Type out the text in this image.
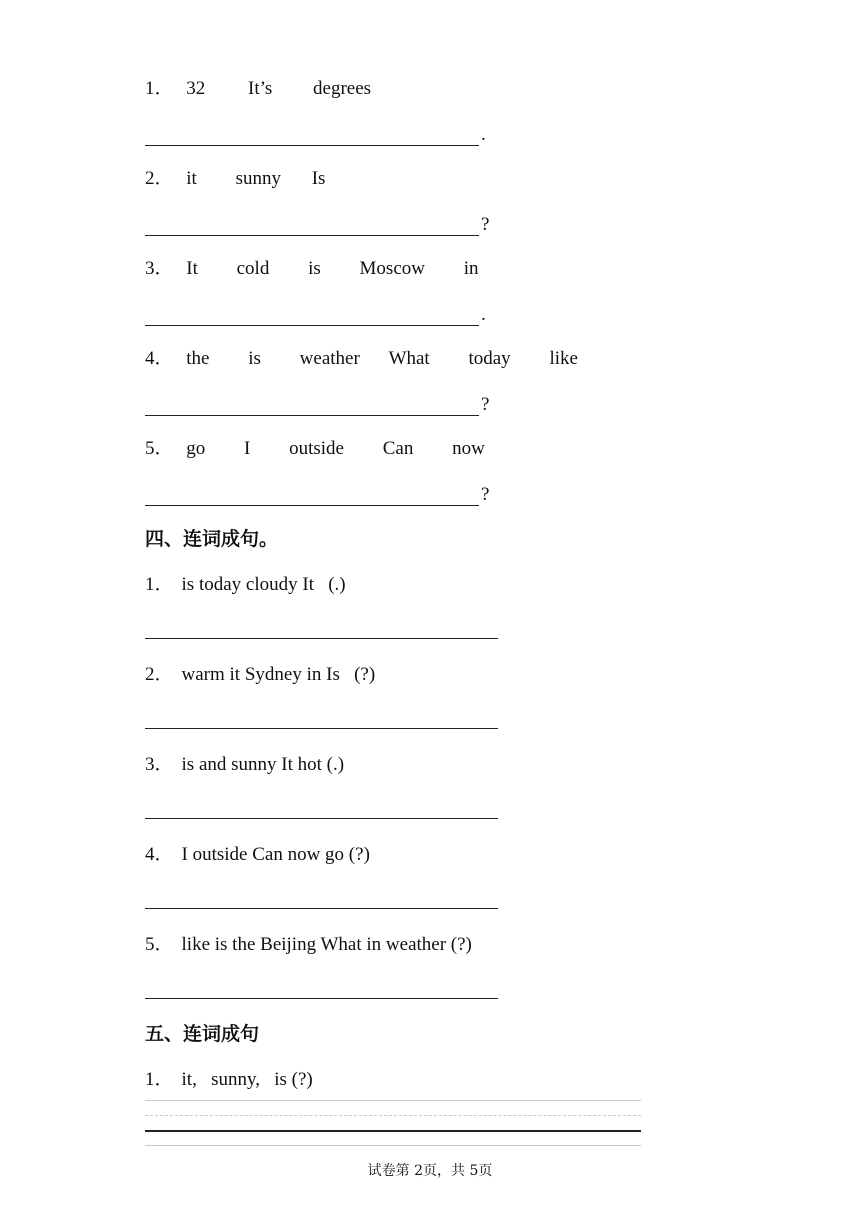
1． 32 It’s degrees
.
2． it sunny Is
?
3． It cold is Moscow in
.
4． the is weather What today like
?
5． go I outside Can now
?
四、连词成句。
1． is today cloudy It   (.)
2． warm it Sydney in Is   (?)
3． is and sunny It hot (.)
4． I outside Can now go (?)
5． like is the Beijing What in weather (?)
五、连词成句
1． it,   sunny,   is (?)
试卷第 2页，共 5页
